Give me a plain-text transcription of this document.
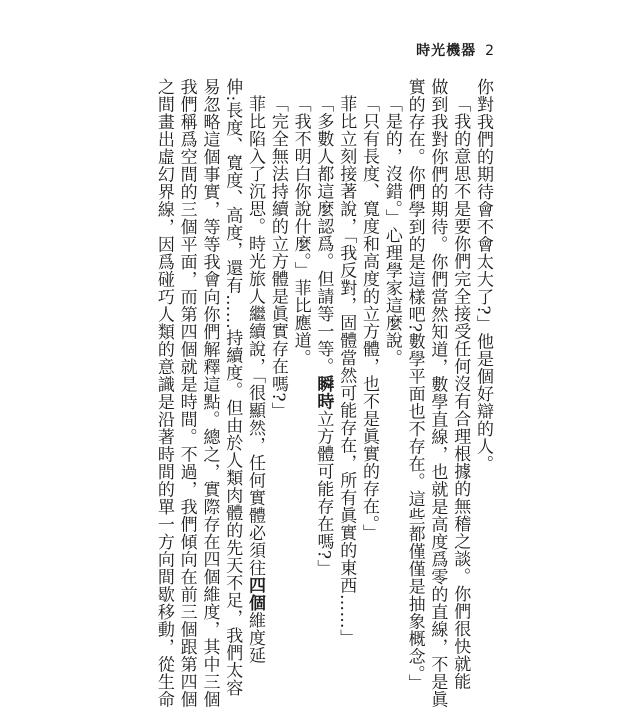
時光機器 2
你對我們的期待會不會太大了?」他是個好辯的人。
「我的意思不是要你們完全接受任何沒有合理根據的無稽之談。你們很快就能
做到我對你們的期待。你們當然知道，數學直線，也就是高度爲零的直線，不是眞
實的存在。你們學到的是這樣吧?數學平面也不存在。這些都僅僅是抽象概念。」
「是的，沒錯。」心理學家這麼說。
「只有長度、寬度和高度的立方體，也不是眞實的存在。」
菲比立刻接著說，「我反對，固體當然可能存在，所有眞實的東西……」
「多數人都這麼認爲。但請等一等。瞬時立方體可能存在嗎?」
「我不明白你說什麼。」菲比應道。
「完全無法持續的立方體是眞實存在嗎?」
菲比陷入了沉思。時光旅人繼續說，「很顯然，任何實體必須往四個維度延
伸:長度、寬度、高度，還有……持續度。但由於人類肉體的先天不足，我們太容
易忽略這個事實，等等我會向你們解釋這點。總之，實際存在四個維度，其中三個
我們稱爲空間的三個平面，而第四個就是時間。不過，我們傾向在前三個跟第四個
之間畫出虛幻界線，因爲碰巧人類的意識是沿著時間的單一方向間歇移動，從生命
